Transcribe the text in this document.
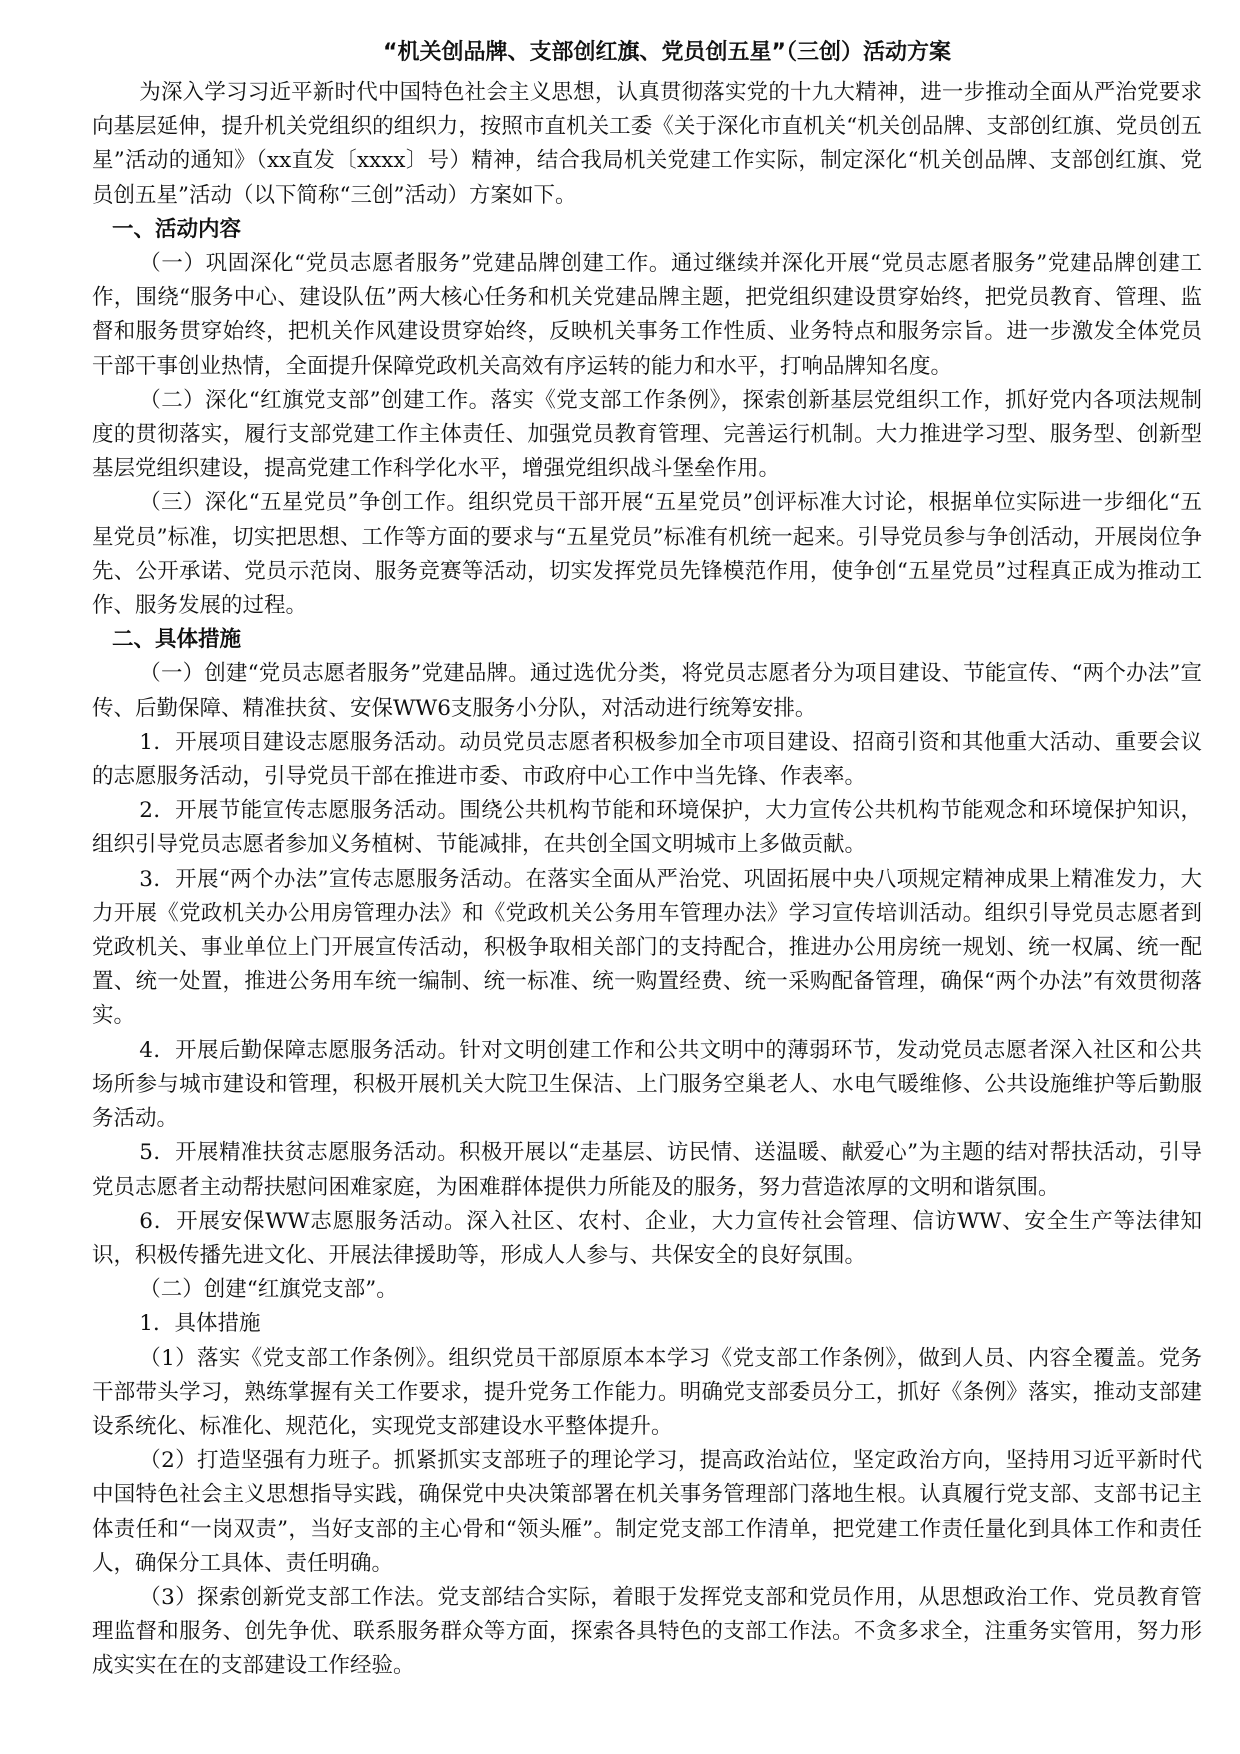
“机关创品牌、支部创红旗、党员创五星”（三创）活动方案

为深入学习习近平新时代中国特色社会主义思想，认真贯彻落实党的十九大精神，进一步推动全面从严治党要求向基层延伸，提升机关党组织的组织力，按照市直机关工委《关于深化市直机关“机关创品牌、支部创红旗、党员创五星”活动的通知》（xx直发〔xxxx〕号）精神，结合我局机关党建工作实际，制定深化“机关创品牌、支部创红旗、党员创五星”活动（以下简称“三创”活动）方案如下。

一、活动内容

（一）巩固深化“党员志愿者服务”党建品牌创建工作。通过继续并深化开展“党员志愿者服务”党建品牌创建工作，围绕“服务中心、建设队伍”两大核心任务和机关党建品牌主题，把党组织建设贯穿始终，把党员教育、管理、监督和服务贯穿始终，把机关作风建设贯穿始终，反映机关事务工作性质、业务特点和服务宗旨。进一步激发全体党员干部干事创业热情，全面提升保障党政机关高效有序运转的能力和水平，打响品牌知名度。

（二）深化“红旗党支部”创建工作。落实《党支部工作条例》，探索创新基层党组织工作，抓好党内各项法规制度的贯彻落实，履行支部党建工作主体责任、加强党员教育管理、完善运行机制。大力推进学习型、服务型、创新型基层党组织建设，提高党建工作科学化水平，增强党组织战斗堡垒作用。

（三）深化“五星党员”争创工作。组织党员干部开展“五星党员”创评标准大讨论，根据单位实际进一步细化“五星党员”标准，切实把思想、工作等方面的要求与“五星党员”标准有机统一起来。引导党员参与争创活动，开展岗位争先、公开承诺、党员示范岗、服务竞赛等活动，切实发挥党员先锋模范作用，使争创“五星党员”过程真正成为推动工作、服务发展的过程。

二、具体措施

（一）创建“党员志愿者服务”党建品牌。通过选优分类，将党员志愿者分为项目建设、节能宣传、“两个办法”宣传、后勤保障、精准扶贫、安保WW6支服务小分队，对活动进行统筹安排。

1．开展项目建设志愿服务活动。动员党员志愿者积极参加全市项目建设、招商引资和其他重大活动、重要会议的志愿服务活动，引导党员干部在推进市委、市政府中心工作中当先锋、作表率。

2．开展节能宣传志愿服务活动。围绕公共机构节能和环境保护，大力宣传公共机构节能观念和环境保护知识，组织引导党员志愿者参加义务植树、节能减排，在共创全国文明城市上多做贡献。

3．开展“两个办法”宣传志愿服务活动。在落实全面从严治党、巩固拓展中央八项规定精神成果上精准发力，大力开展《党政机关办公用房管理办法》和《党政机关公务用车管理办法》学习宣传培训活动。组织引导党员志愿者到党政机关、事业单位上门开展宣传活动，积极争取相关部门的支持配合，推进办公用房统一规划、统一权属、统一配置、统一处置，推进公务用车统一编制、统一标准、统一购置经费、统一采购配备管理，确保“两个办法”有效贯彻落实。

4．开展后勤保障志愿服务活动。针对文明创建工作和公共文明中的薄弱环节，发动党员志愿者深入社区和公共场所参与城市建设和管理，积极开展机关大院卫生保洁、上门服务空巢老人、水电气暖维修、公共设施维护等后勤服务活动。

5．开展精准扶贫志愿服务活动。积极开展以“走基层、访民情、送温暖、献爱心”为主题的结对帮扶活动，引导党员志愿者主动帮扶慰问困难家庭，为困难群体提供力所能及的服务，努力营造浓厚的文明和谐氛围。

6．开展安保WW志愿服务活动。深入社区、农村、企业，大力宣传社会管理、信访WW、安全生产等法律知识，积极传播先进文化、开展法律援助等，形成人人参与、共保安全的良好氛围。

（二）创建“红旗党支部”。

1．具体措施

（1）落实《党支部工作条例》。组织党员干部原原本本学习《党支部工作条例》，做到人员、内容全覆盖。党务干部带头学习，熟练掌握有关工作要求，提升党务工作能力。明确党支部委员分工，抓好《条例》落实，推动支部建设系统化、标准化、规范化，实现党支部建设水平整体提升。

（2）打造坚强有力班子。抓紧抓实支部班子的理论学习，提高政治站位，坚定政治方向，坚持用习近平新时代中国特色社会主义思想指导实践，确保党中央决策部署在机关事务管理部门落地生根。认真履行党支部、支部书记主体责任和“一岗双责”，当好支部的主心骨和“领头雁”。制定党支部工作清单，把党建工作责任量化到具体工作和责任人，确保分工具体、责任明确。

（3）探索创新党支部工作法。党支部结合实际，着眼于发挥党支部和党员作用，从思想政治工作、党员教育管理监督和服务、创先争优、联系服务群众等方面，探索各具特色的支部工作法。不贪多求全，注重务实管用，努力形成实实在在的支部建设工作经验。
